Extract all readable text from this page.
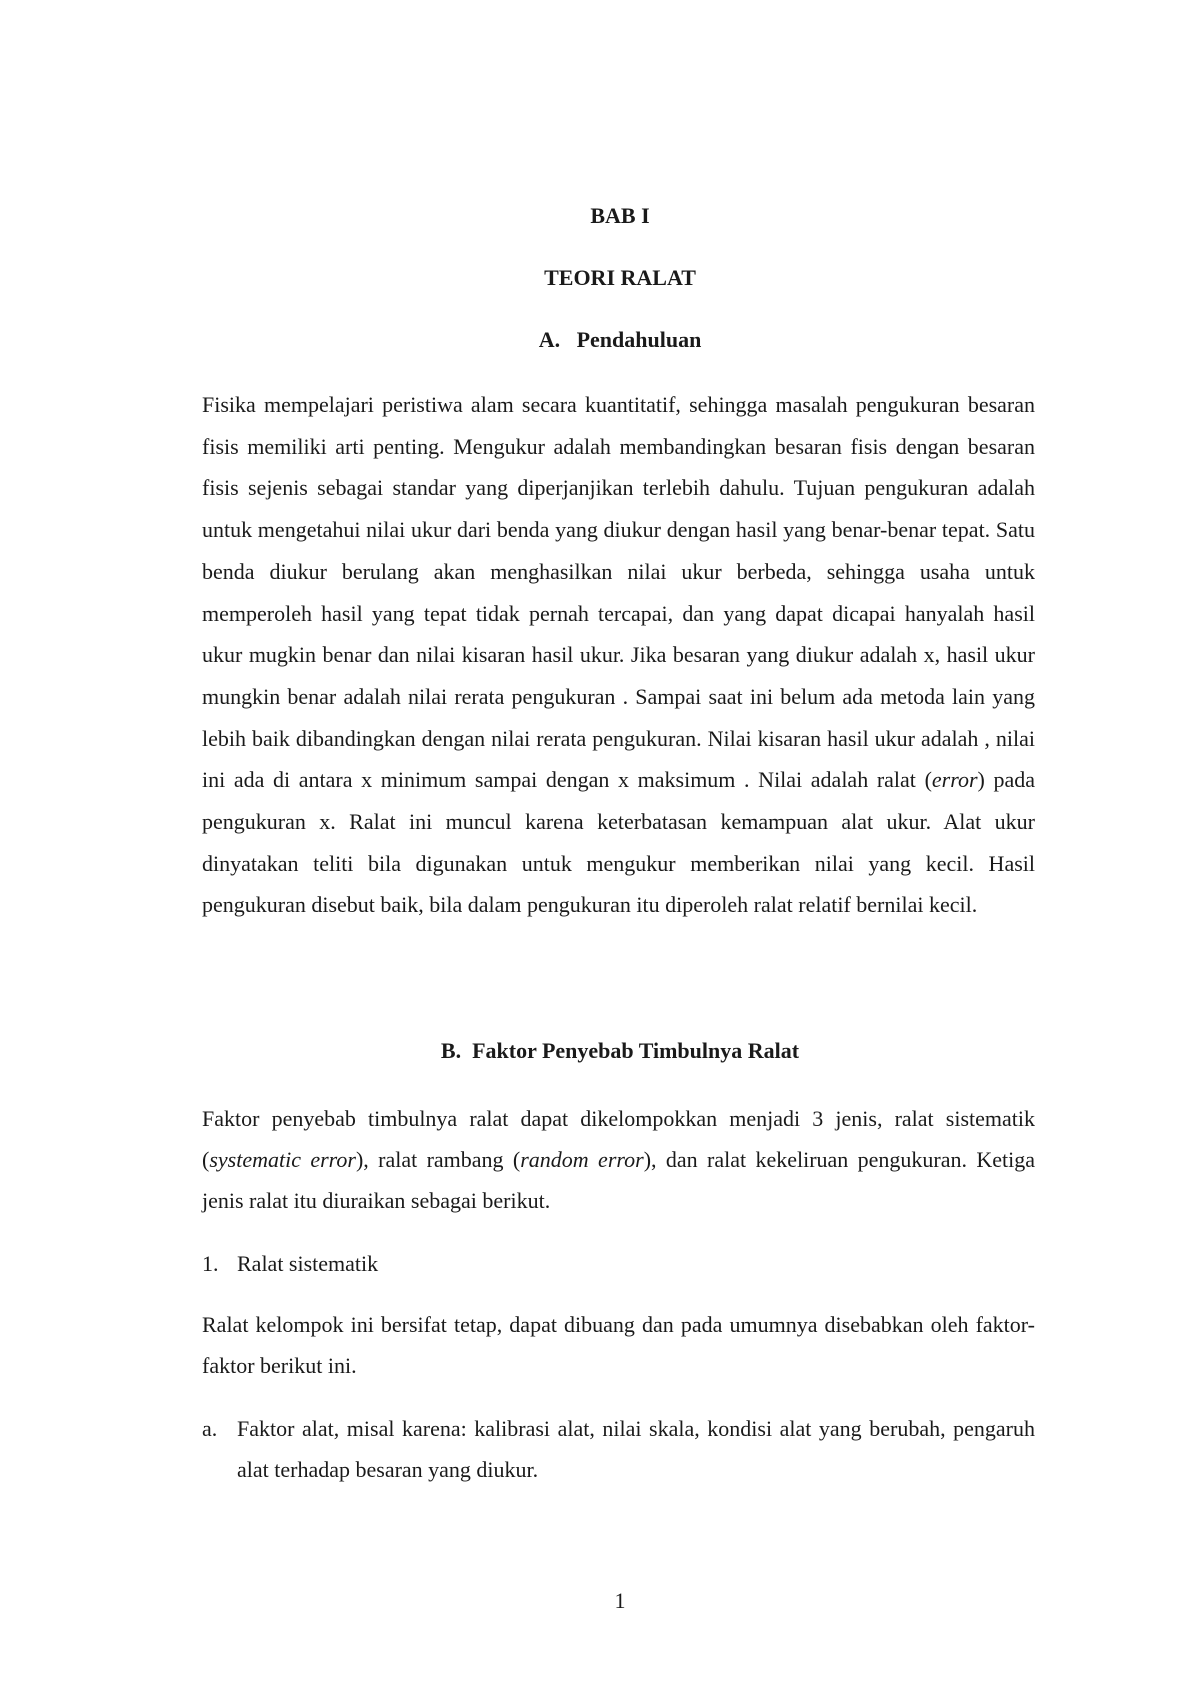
BAB I
TEORI RALAT
A. Pendahuluan

Fisika mempelajari peristiwa alam secara kuantitatif, sehingga masalah pengukuran besaran fisis memiliki arti penting. Mengukur adalah membandingkan besaran fisis dengan besaran fisis sejenis sebagai standar yang diperjanjikan terlebih dahulu. Tujuan pengukuran adalah untuk mengetahui nilai ukur dari benda yang diukur dengan hasil yang benar-benar tepat. Satu benda diukur berulang akan menghasilkan nilai ukur berbeda, sehingga usaha untuk memperoleh hasil yang tepat tidak pernah tercapai, dan yang dapat dicapai hanyalah hasil ukur mugkin benar dan nilai kisaran hasil ukur. Jika besaran yang diukur adalah x, hasil ukur mungkin benar adalah nilai rerata pengukuran . Sampai saat ini belum ada metoda lain yang lebih baik dibandingkan dengan nilai rerata pengukuran. Nilai kisaran hasil ukur adalah , nilai ini ada di antara x minimum sampai dengan x maksimum . Nilai adalah ralat (error) pada pengukuran x. Ralat ini muncul karena keterbatasan kemampuan alat ukur. Alat ukur dinyatakan teliti bila digunakan untuk mengukur memberikan nilai yang kecil. Hasil pengukuran disebut baik, bila dalam pengukuran itu diperoleh ralat relatif bernilai kecil.

B. Faktor Penyebab Timbulnya Ralat

Faktor penyebab timbulnya ralat dapat dikelompokkan menjadi 3 jenis, ralat sistematik (systematic error), ralat rambang (random error), dan ralat kekeliruan pengukuran. Ketiga jenis ralat itu diuraikan sebagai berikut.

1. Ralat sistematik

Ralat kelompok ini bersifat tetap, dapat dibuang dan pada umumnya disebabkan oleh faktor-faktor berikut ini.

a. Faktor alat, misal karena: kalibrasi alat, nilai skala, kondisi alat yang berubah, pengaruh alat terhadap besaran yang diukur.
1
